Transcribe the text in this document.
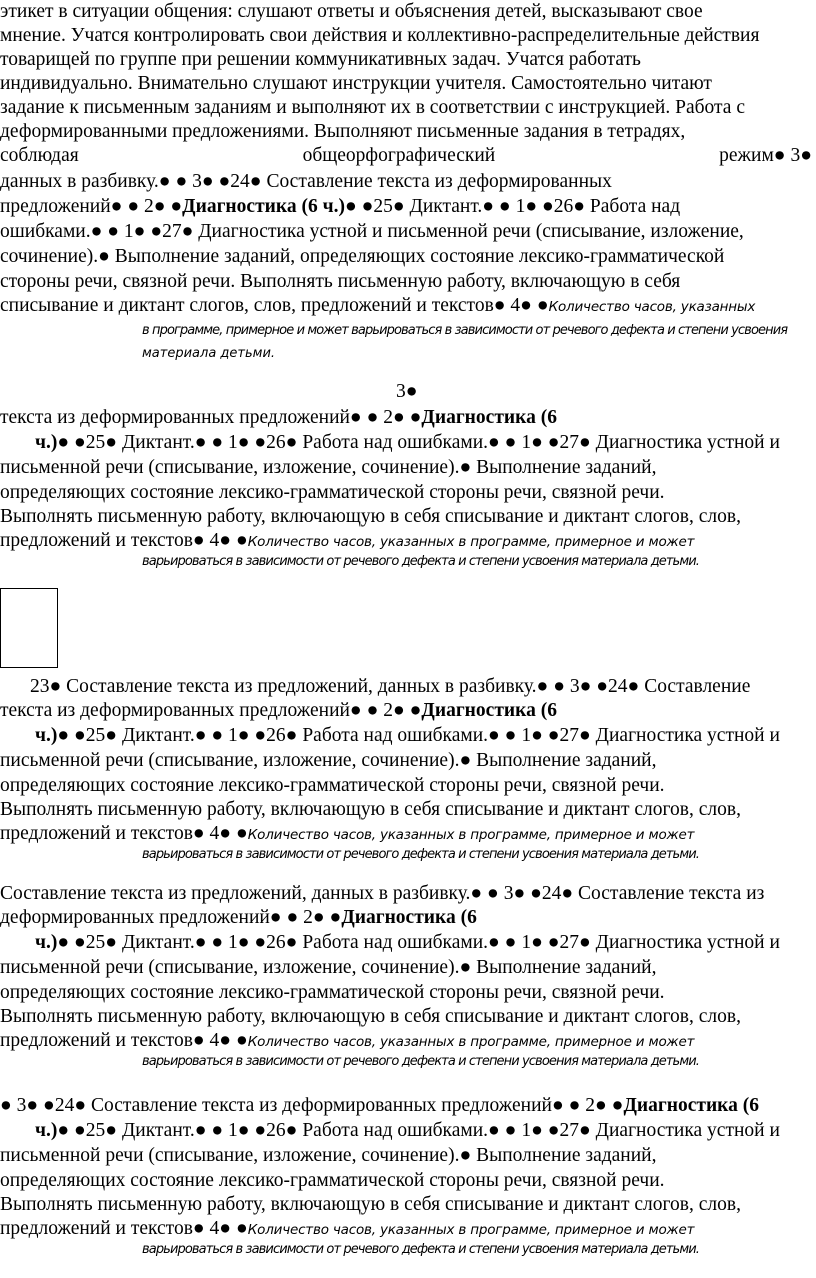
этикет в ситуации общения: слушают ответы и объяснения детей, высказывают свое
мнение. Учатся контролировать свои действия и коллективно-распределительные действия
товарищей по группе при решении коммуникативных задач. Учатся работать
индивидуально. Внимательно слушают инструкции учителя. Самостоятельно читают
задание к письменным заданиям и выполняют их в соответствии с инструкцией. Работа с
деформированными предложениями. Выполняют письменные задания в тетрадях,
соблюдая	общеорфографический	режим● 3●
данных в разбивку.● ● 3● ●24● Составление текста из деформированных
предложений● ● 2● ●Диагностика (6 ч.)● ●25● Диктант.● ● 1● ●26● Работа над
ошибками.● ● 1● ●27● Диагностика устной и письменной речи (списывание, изложение,
сочинение).● Выполнение заданий, определяющих состояние лексико-грамматической
стороны речи, связной речи. Выполнять письменную работу, включающую в себя
списывание и диктант слогов, слов, предложений и текстов● 4● ●Количество часов, указанных
в программе, примерное и может варьироваться в зависимости от речевого дефекта и степени усвоения
материала детьми.
3●
текста из деформированных предложений● ● 2● ●Диагностика (6
ч.)● ●25● Диктант.● ● 1● ●26● Работа над ошибками.● ● 1● ●27● Диагностика устной и
письменной речи (списывание, изложение, сочинение).● Выполнение заданий,
определяющих состояние лексико-грамматической стороны речи, связной речи.
Выполнять письменную работу, включающую в себя списывание и диктант слогов, слов,
предложений и текстов● 4● ●Количество часов, указанных в программе, примерное и может
варьироваться в зависимости от речевого дефекта и степени усвоения материала детьми.
23● Составление текста из предложений, данных в разбивку.● ● 3● ●24● Составление
текста из деформированных предложений● ● 2● ●Диагностика (6
ч.)● ●25● Диктант.● ● 1● ●26● Работа над ошибками.● ● 1● ●27● Диагностика устной и
письменной речи (списывание, изложение, сочинение).● Выполнение заданий,
определяющих состояние лексико-грамматической стороны речи, связной речи.
Выполнять письменную работу, включающую в себя списывание и диктант слогов, слов,
предложений и текстов● 4● ●Количество часов, указанных в программе, примерное и может
варьироваться в зависимости от речевого дефекта и степени усвоения материала детьми.
Составление текста из предложений, данных в разбивку.● ● 3● ●24● Составление текста из
деформированных предложений● ● 2● ●Диагностика (6
ч.)● ●25● Диктант.● ● 1● ●26● Работа над ошибками.● ● 1● ●27● Диагностика устной и
письменной речи (списывание, изложение, сочинение).● Выполнение заданий,
определяющих состояние лексико-грамматической стороны речи, связной речи.
Выполнять письменную работу, включающую в себя списывание и диктант слогов, слов,
предложений и текстов● 4● ●Количество часов, указанных в программе, примерное и может
варьироваться в зависимости от речевого дефекта и степени усвоения материала детьми.
● 3● ●24● Составление текста из деформированных предложений● ● 2● ●Диагностика (6
ч.)● ●25● Диктант.● ● 1● ●26● Работа над ошибками.● ● 1● ●27● Диагностика устной и
письменной речи (списывание, изложение, сочинение).● Выполнение заданий,
определяющих состояние лексико-грамматической стороны речи, связной речи.
Выполнять письменную работу, включающую в себя списывание и диктант слогов, слов,
предложений и текстов● 4● ●Количество часов, указанных в программе, примерное и может
варьироваться в зависимости от речевого дефекта и степени усвоения материала детьми.
